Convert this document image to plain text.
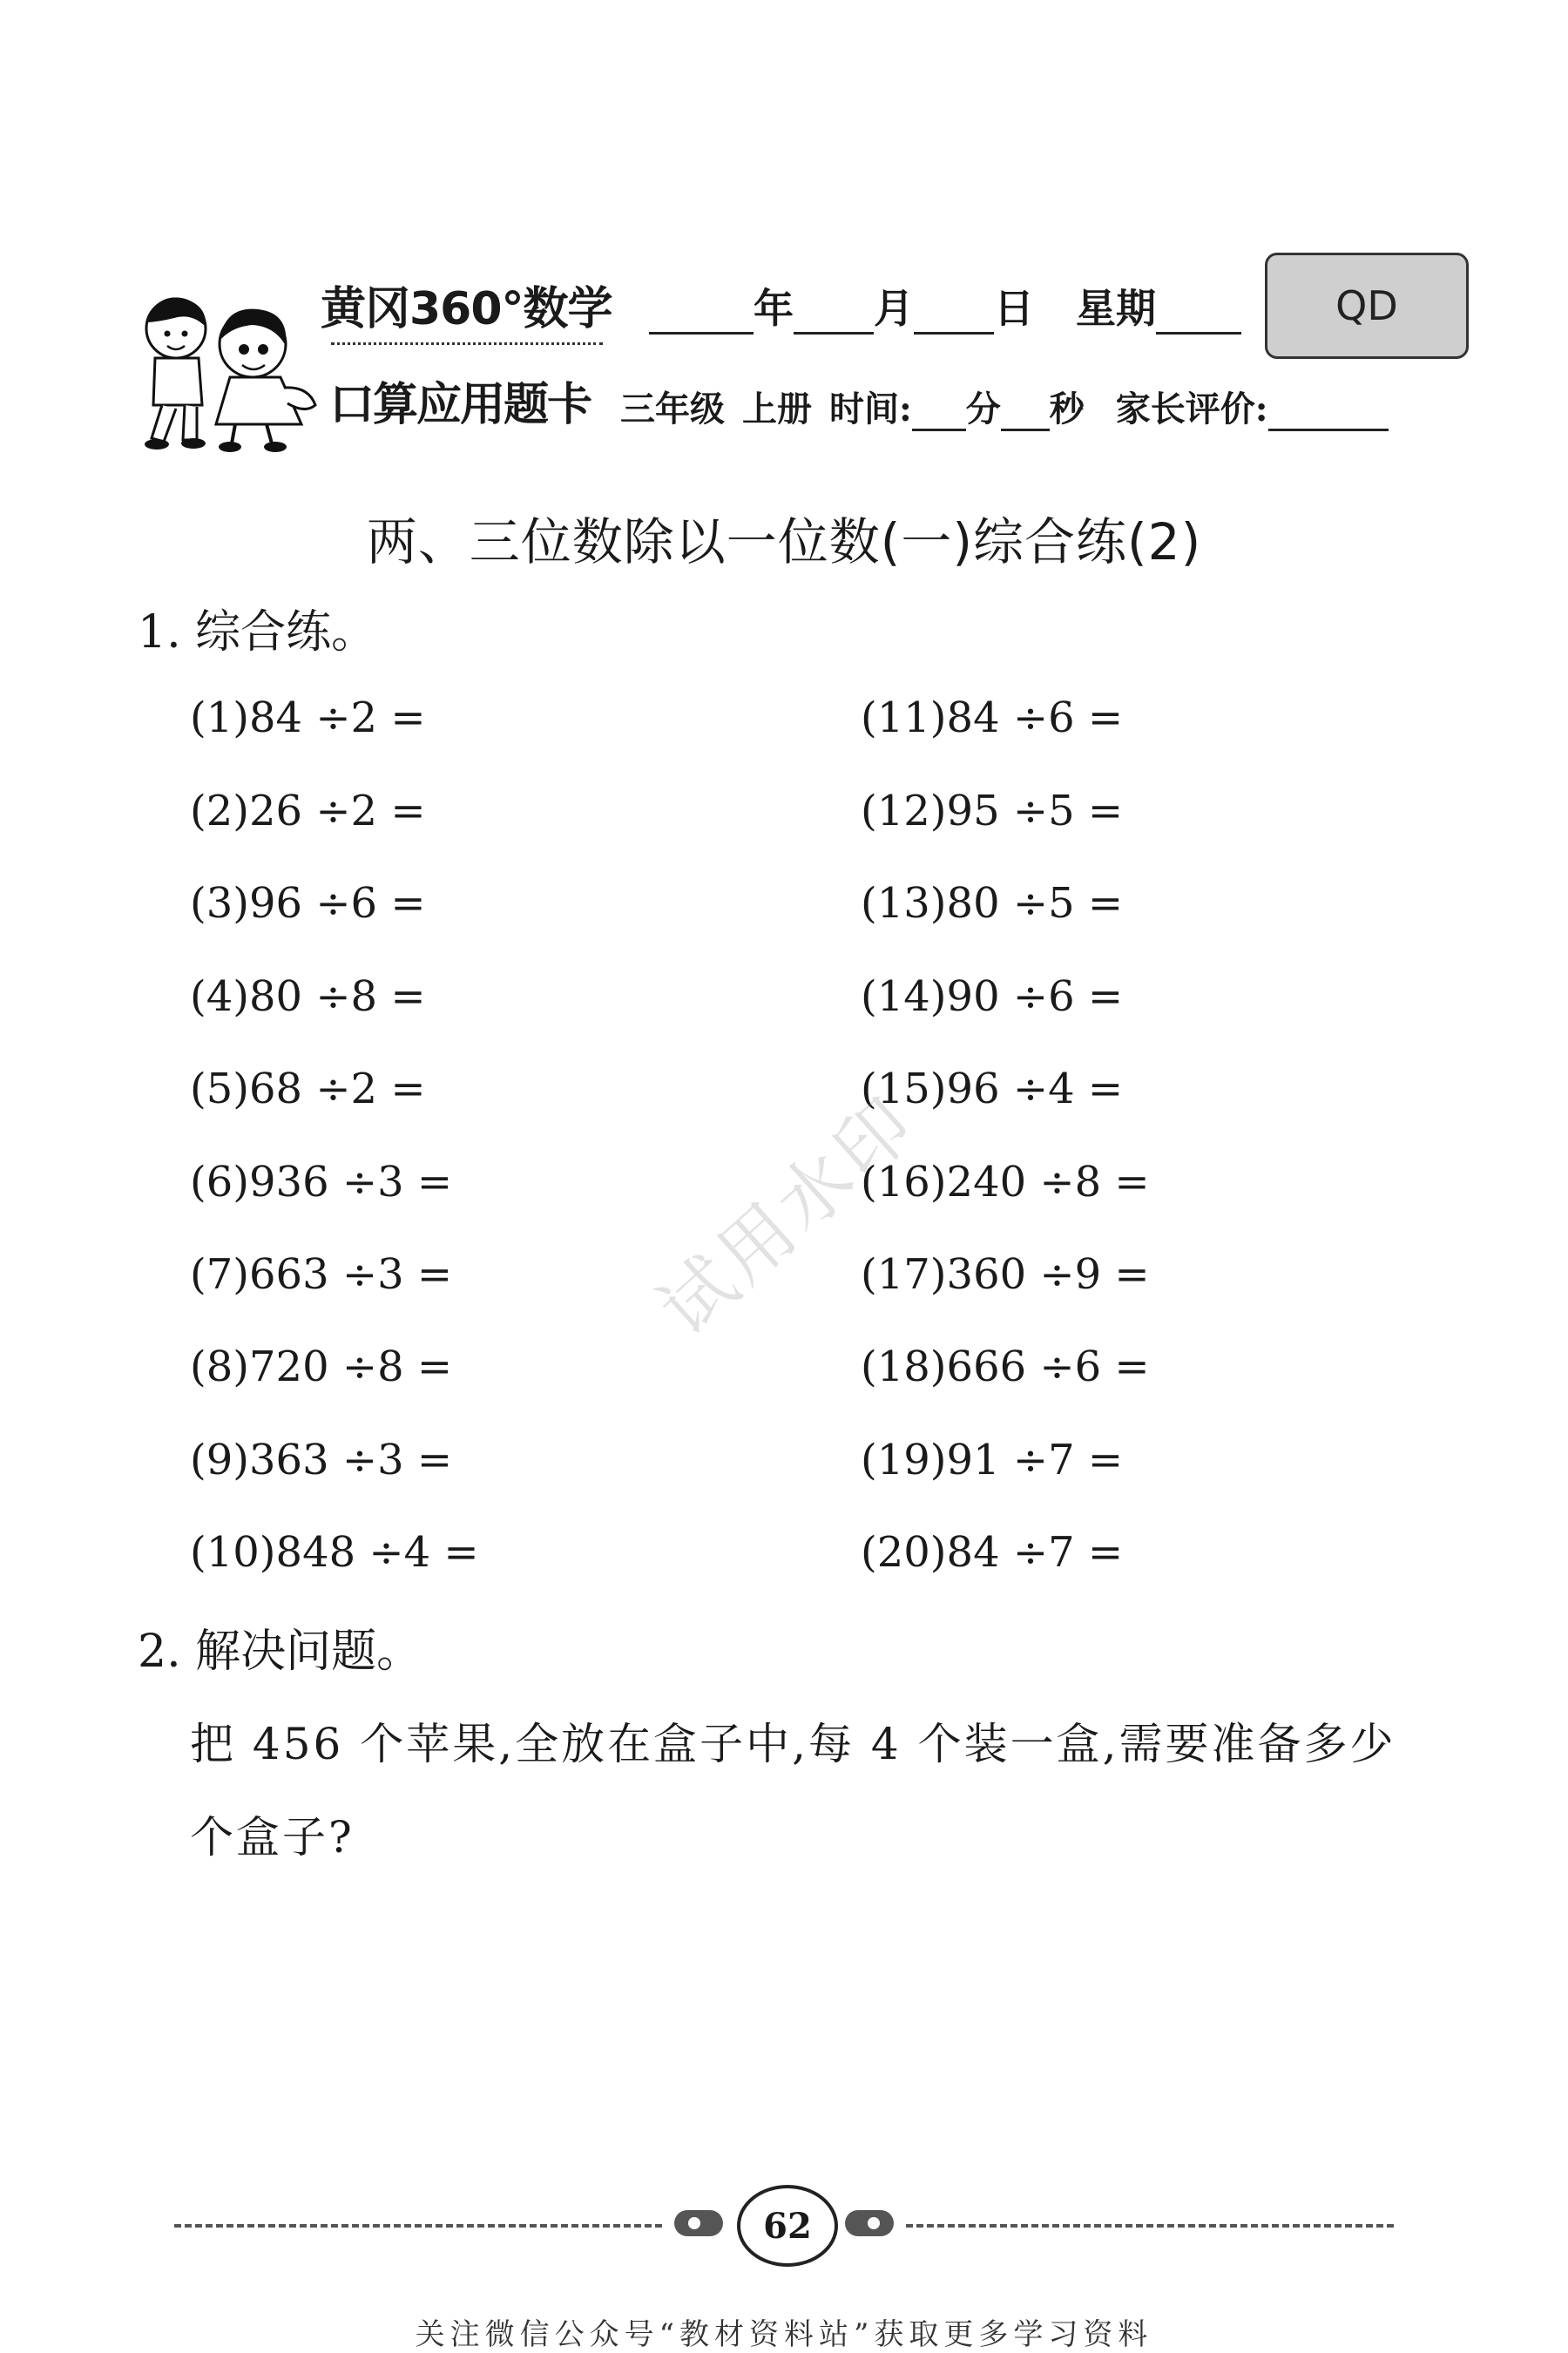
黄冈360°数学
口算应用题卡
年 月 日 星期	QD
三年级 上册 时间: 分 秒 家长评价:
两、三位数除以一位数(一)综合练(2)
1. 综合练。
(1)84 ÷2 =
(2)26 ÷2 =
(3)96 ÷6 =
(4)80 ÷8 =
(5)68 ÷2 =
(6)936 ÷3 =
(7)663 ÷3 =
(8)720 ÷8 =
(9)363 ÷3 =
(10)848 ÷4 =
(11)84 ÷6 =
(12)95 ÷5 =
(13)80 ÷5 =
(14)90 ÷6 =
(15)96 ÷4 =
(16)240 ÷8 =
(17)360 ÷9 =
(18)666 ÷6 =
(19)91 ÷7 =
(20)84 ÷7 =
2. 解决问题。
把 456 个苹果,全放在盒子中,每 4 个装一盒,需要准备多少
个盒子?
试用水印
62
关注微信公众号“教材资料站”获取更多学习资料
